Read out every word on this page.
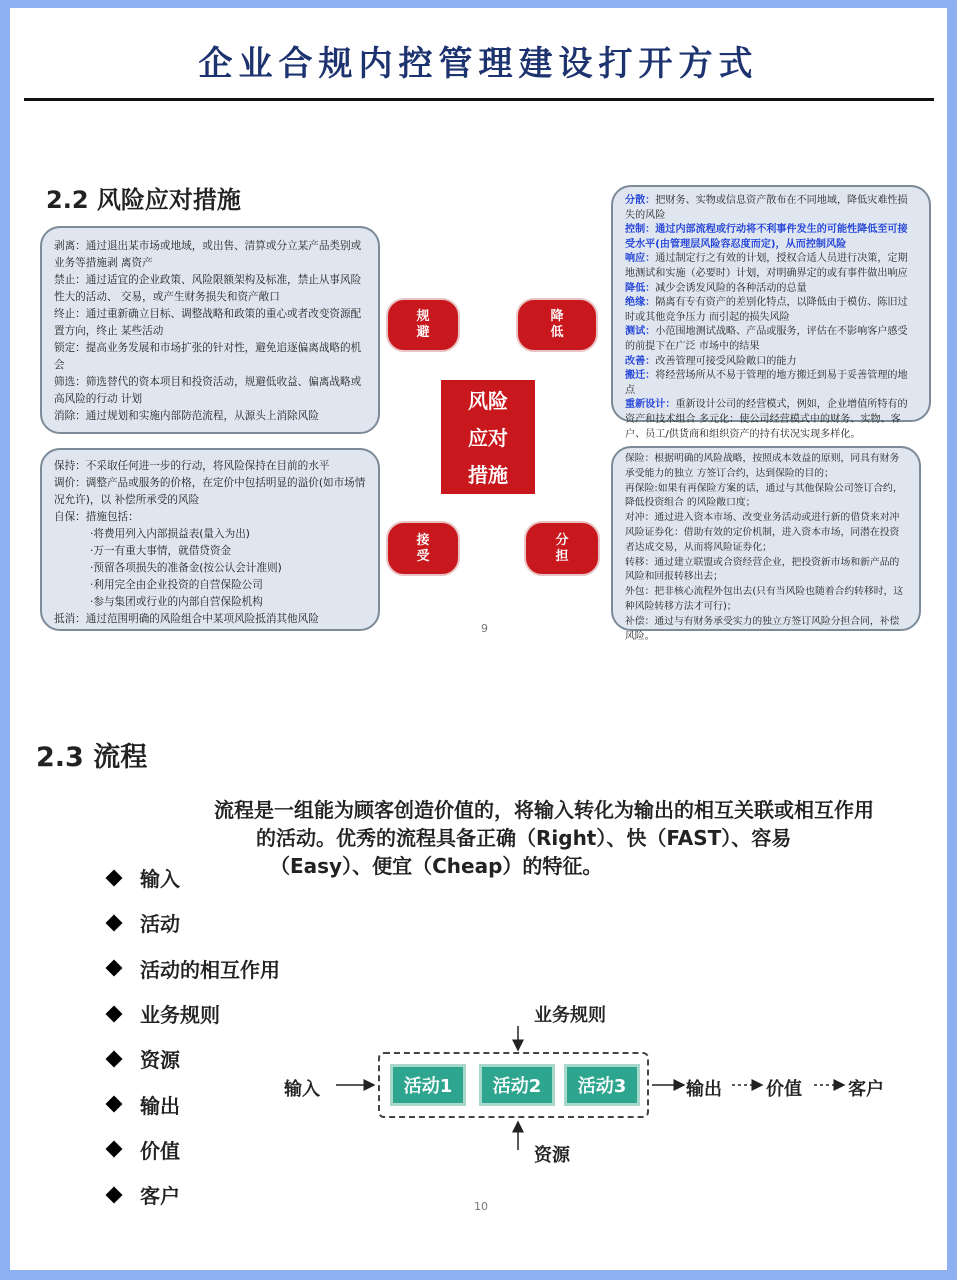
企业合规内控管理建设打开方式
2.2 风险应对措施
剥离：通过退出某市场或地域，或出售、清算或分立某产品类别或业务等措施剥 离资产
禁止：通过适宜的企业政策、风险限额架构及标准，禁止从事风险性大的活动、 交易，或产生财务损失和资产敞口
终止：通过重新确立目标、调整战略和政策的重心或者改变资源配置方向，终止 某些活动
锁定：提高业务发展和市场扩张的针对性，避免追逐偏离战略的机会
筛选：筛选替代的资本项目和投资活动，规避低收益、偏离战略或高风险的行动 计划
消除：通过规划和实施内部防范流程，从源头上消除风险
保持：不采取任何进一步的行动，将风险保持在目前的水平
调价：调整产品或服务的价格，在定价中包括明显的溢价(如市场情况允许)，以 补偿所承受的风险
自保：措施包括：
·将费用列入内部损益表(量入为出)
·万一有重大事情，就借贷资金
·预留各项损失的准备金(按公认会计准则)
·利用完全由企业投资的自营保险公司
·参与集团或行业的内部自营保险机构
抵消：通过范围明确的风险组合中某项风险抵消其他风险
分散：把财务、实物或信息资产散布在不同地域，降低灾难性损失的风险
控制：通过内部流程或行动将不利事件发生的可能性降低至可接受水平(由管理层风险容忍度而定)，从而控制风险
响应：通过制定行之有效的计划，授权合适人员进行决策，定期地测试和实施（必要时）计划，对明确界定的或有事件做出响应
降低：减少会诱发风险的各种活动的总量
绝缘：隔离有专有资产的差别化特点，以降低由于模仿、陈旧过时或其他竞争压力 而引起的损失风险
测试：小范围地测试战略、产品或服务，评估在不影响客户感受的前提下在广泛 市场中的结果
改善：改善管理可接受风险敞口的能力
搬迁：将经营场所从不易于管理的地方搬迁到易于妥善管理的地点
重新设计：重新设计公司的经营模式，例如，企业增值所特有的资产和技术组合 多元化：使公司经营模式中的财务、实物、客户、员工/供货商和组织资产的持有状况实现多样化。
保险：根据明确的风险战略，按照成本效益的原则，同具有财务承受能力的独立 方签订合约，达到保险的目的；
再保险:如果有再保险方案的话，通过与其他保险公司签订合约，降低投资组合 的风险敞口度；
对冲：通过进入资本市场、改变业务活动或进行新的借贷来对冲风险证券化：借助有效的定价机制，进入资本市场，同潜在投资者达成交易，从而将风险证券化；
转移：通过建立联盟或合资经营企业，把投资新市场和新产品的风险和回报转移出去；
外包：把非核心流程外包出去(只有当风险也随着合约转移时，这种风险转移方法才可行)；
补偿：通过与有财务承受实力的独立方签订风险分担合同，补偿风险。
规避
降低
接受
分担
风险
应对
措施
9
2.3 流程
流程是一组能为顾客创造价值的，将输入转化为输出的相互关联或相互作用
的活动。优秀的流程具备正确（Right）、快（FAST）、容易
（Easy）、便宜（Cheap）的特征。
输入
活动
活动的相互作用
业务规则
资源
输出
价值
客户
业务规则
输入	活动1	活动2	活动3	输出 价值	客户
资源
10
